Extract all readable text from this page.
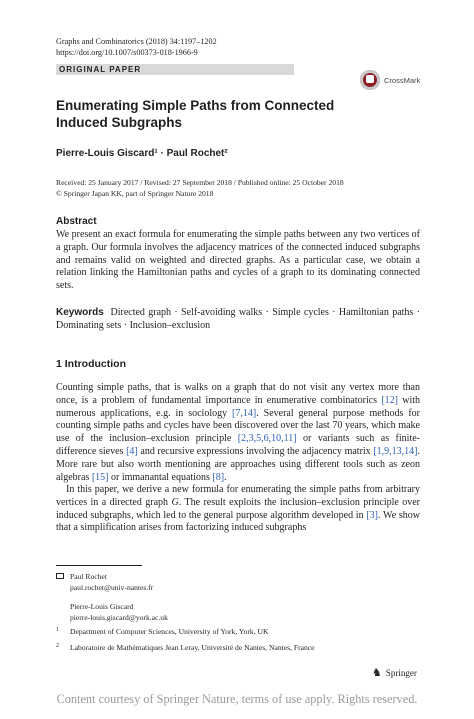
Graphs and Combinatorics (2018) 34:1197–1202
https://doi.org/10.1007/s00373-018-1966-9
ORIGINAL PAPER
CrossMark
Enumerating Simple Paths from Connected Induced Subgraphs
Pierre-Louis Giscard¹ · Paul Rochet²
Received: 25 January 2017 / Revised: 27 September 2018 / Published online: 25 October 2018
© Springer Japan KK, part of Springer Nature 2018
Abstract
We present an exact formula for enumerating the simple paths between any two vertices of a graph. Our formula involves the adjacency matrices of the connected induced subgraphs and remains valid on weighted and directed graphs. As a particular case, we obtain a relation linking the Hamiltonian paths and cycles of a graph to its dominating connected sets.
Keywords Directed graph · Self-avoiding walks · Simple cycles · Hamiltonian paths · Dominating sets · Inclusion–exclusion
1 Introduction
Counting simple paths, that is walks on a graph that do not visit any vertex more than once, is a problem of fundamental importance in enumerative combinatorics [12] with numerous applications, e.g. in sociology [7,14]. Several general purpose methods for counting simple paths and cycles have been discovered over the last 70 years, which make use of the inclusion–exclusion principle [2,3,5,6,10,11] or variants such as finite-difference sieves [4] and recursive expressions involving the adjacency matrix [1,9,13,14]. More rare but also worth mentioning are approaches using different tools such as zeon algebras [15] or immanantal equations [8].
In this paper, we derive a new formula for enumerating the simple paths from arbitrary vertices in a directed graph G. The result exploits the inclusion–exclusion principle over induced subgraphs, which led to the general purpose algorithm developed in [3]. We show that a simplification arises from factorizing induced subgraphs
Paul Rochet
paul.rochet@univ-nantes.fr
Pierre-Louis Giscard
pierre-louis.giscard@york.ac.uk
1 Department of Computer Sciences, University of York, York, UK
2 Laboratoire de Mathématiques Jean Leray, Université de Nantes, Nantes, France
♞ Springer
Content courtesy of Springer Nature, terms of use apply. Rights reserved.
